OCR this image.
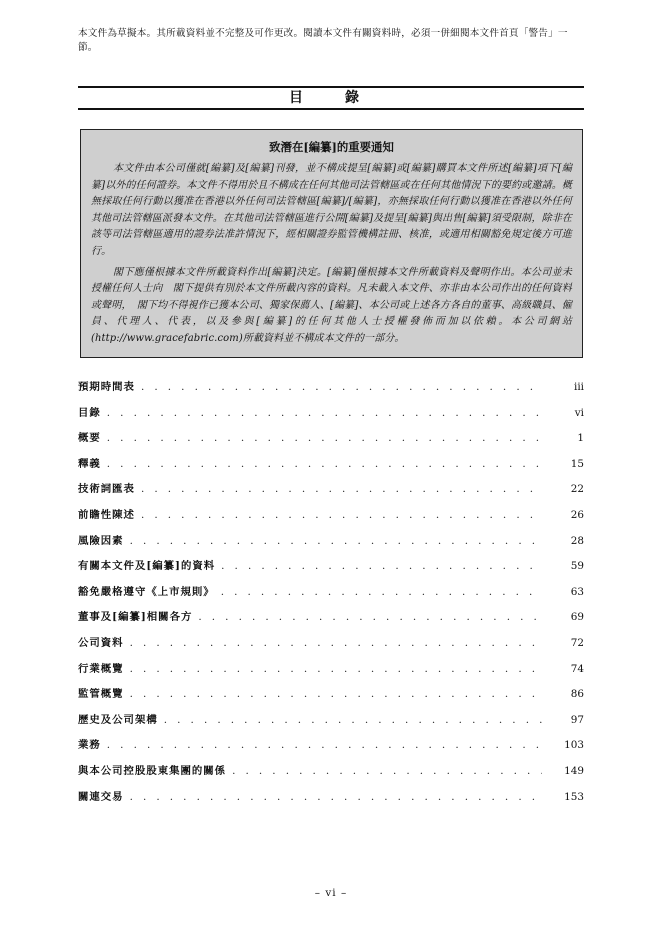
本文件為草擬本。其所載資料並不完整及可作更改。閱讀本文件有關資料時，必須一併細閱本文件首頁「警告」一節。
目　錄
致潛在[編纂]的重要通知

本文件由本公司僅就[編纂]及[編纂]刊發，並不構成提呈[編纂]或[編纂]購買本文件所述[編纂]項下[編纂]以外的任何證券。本文件不得用於且不構成在任何其他司法管轄區或在任何其他情況下的要約或邀請。概無採取任何行動以獲准在香港以外任何司法管轄區[編纂]/[編纂]，亦無採取任何行動以獲准在香港以外任何其他司法管轄區派發本文件。在其他司法管轄區進行公開[編纂]及提呈[編纂]與出售[編纂]須受限制，除非在該等司法管轄區適用的證券法准許情況下，經相關證券監管機構註冊、核准，或適用相關豁免規定後方可進行。

閣下應僅根據本文件所載資料作出[編纂]決定。[編纂]僅根據本文件所載資料及聲明作出。本公司並未授權任何人士向　閣下提供有別於本文件所載內容的資料。凡未載入本文件、亦非由本公司作出的任何資料或聲明，　閣下均不得視作已獲本公司、獨家保薦人、[編纂]、本公司或上述各方各自的董事、高級職員、僱員、代理人、代表，以及參與[編纂]的任何其他人士授權發佈而加以依賴。本公司網站(http://www.gracefabric.com)所載資料並不構成本文件的一部分。

預期時間表 . . .	iii
目錄 . . .	vi
概要 . . .	1
釋義 . . .	15
技術詞匯表 . . .	22
前瞻性陳述 . . .	26
風險因素 . . .	28
有關本文件及[編纂]的資料 . . .	59
豁免嚴格遵守《上市規則》 . . .	63
董事及[編纂]相關各方 . . .	69
公司資料 . . .	72
行業概覽 . . .	74
監管概覽 . . .	86
歷史及公司架構 . . .	97
業務 . . .	103
與本公司控股股東集團的關係 . . .	149
關連交易 . . .	153
– vi –
